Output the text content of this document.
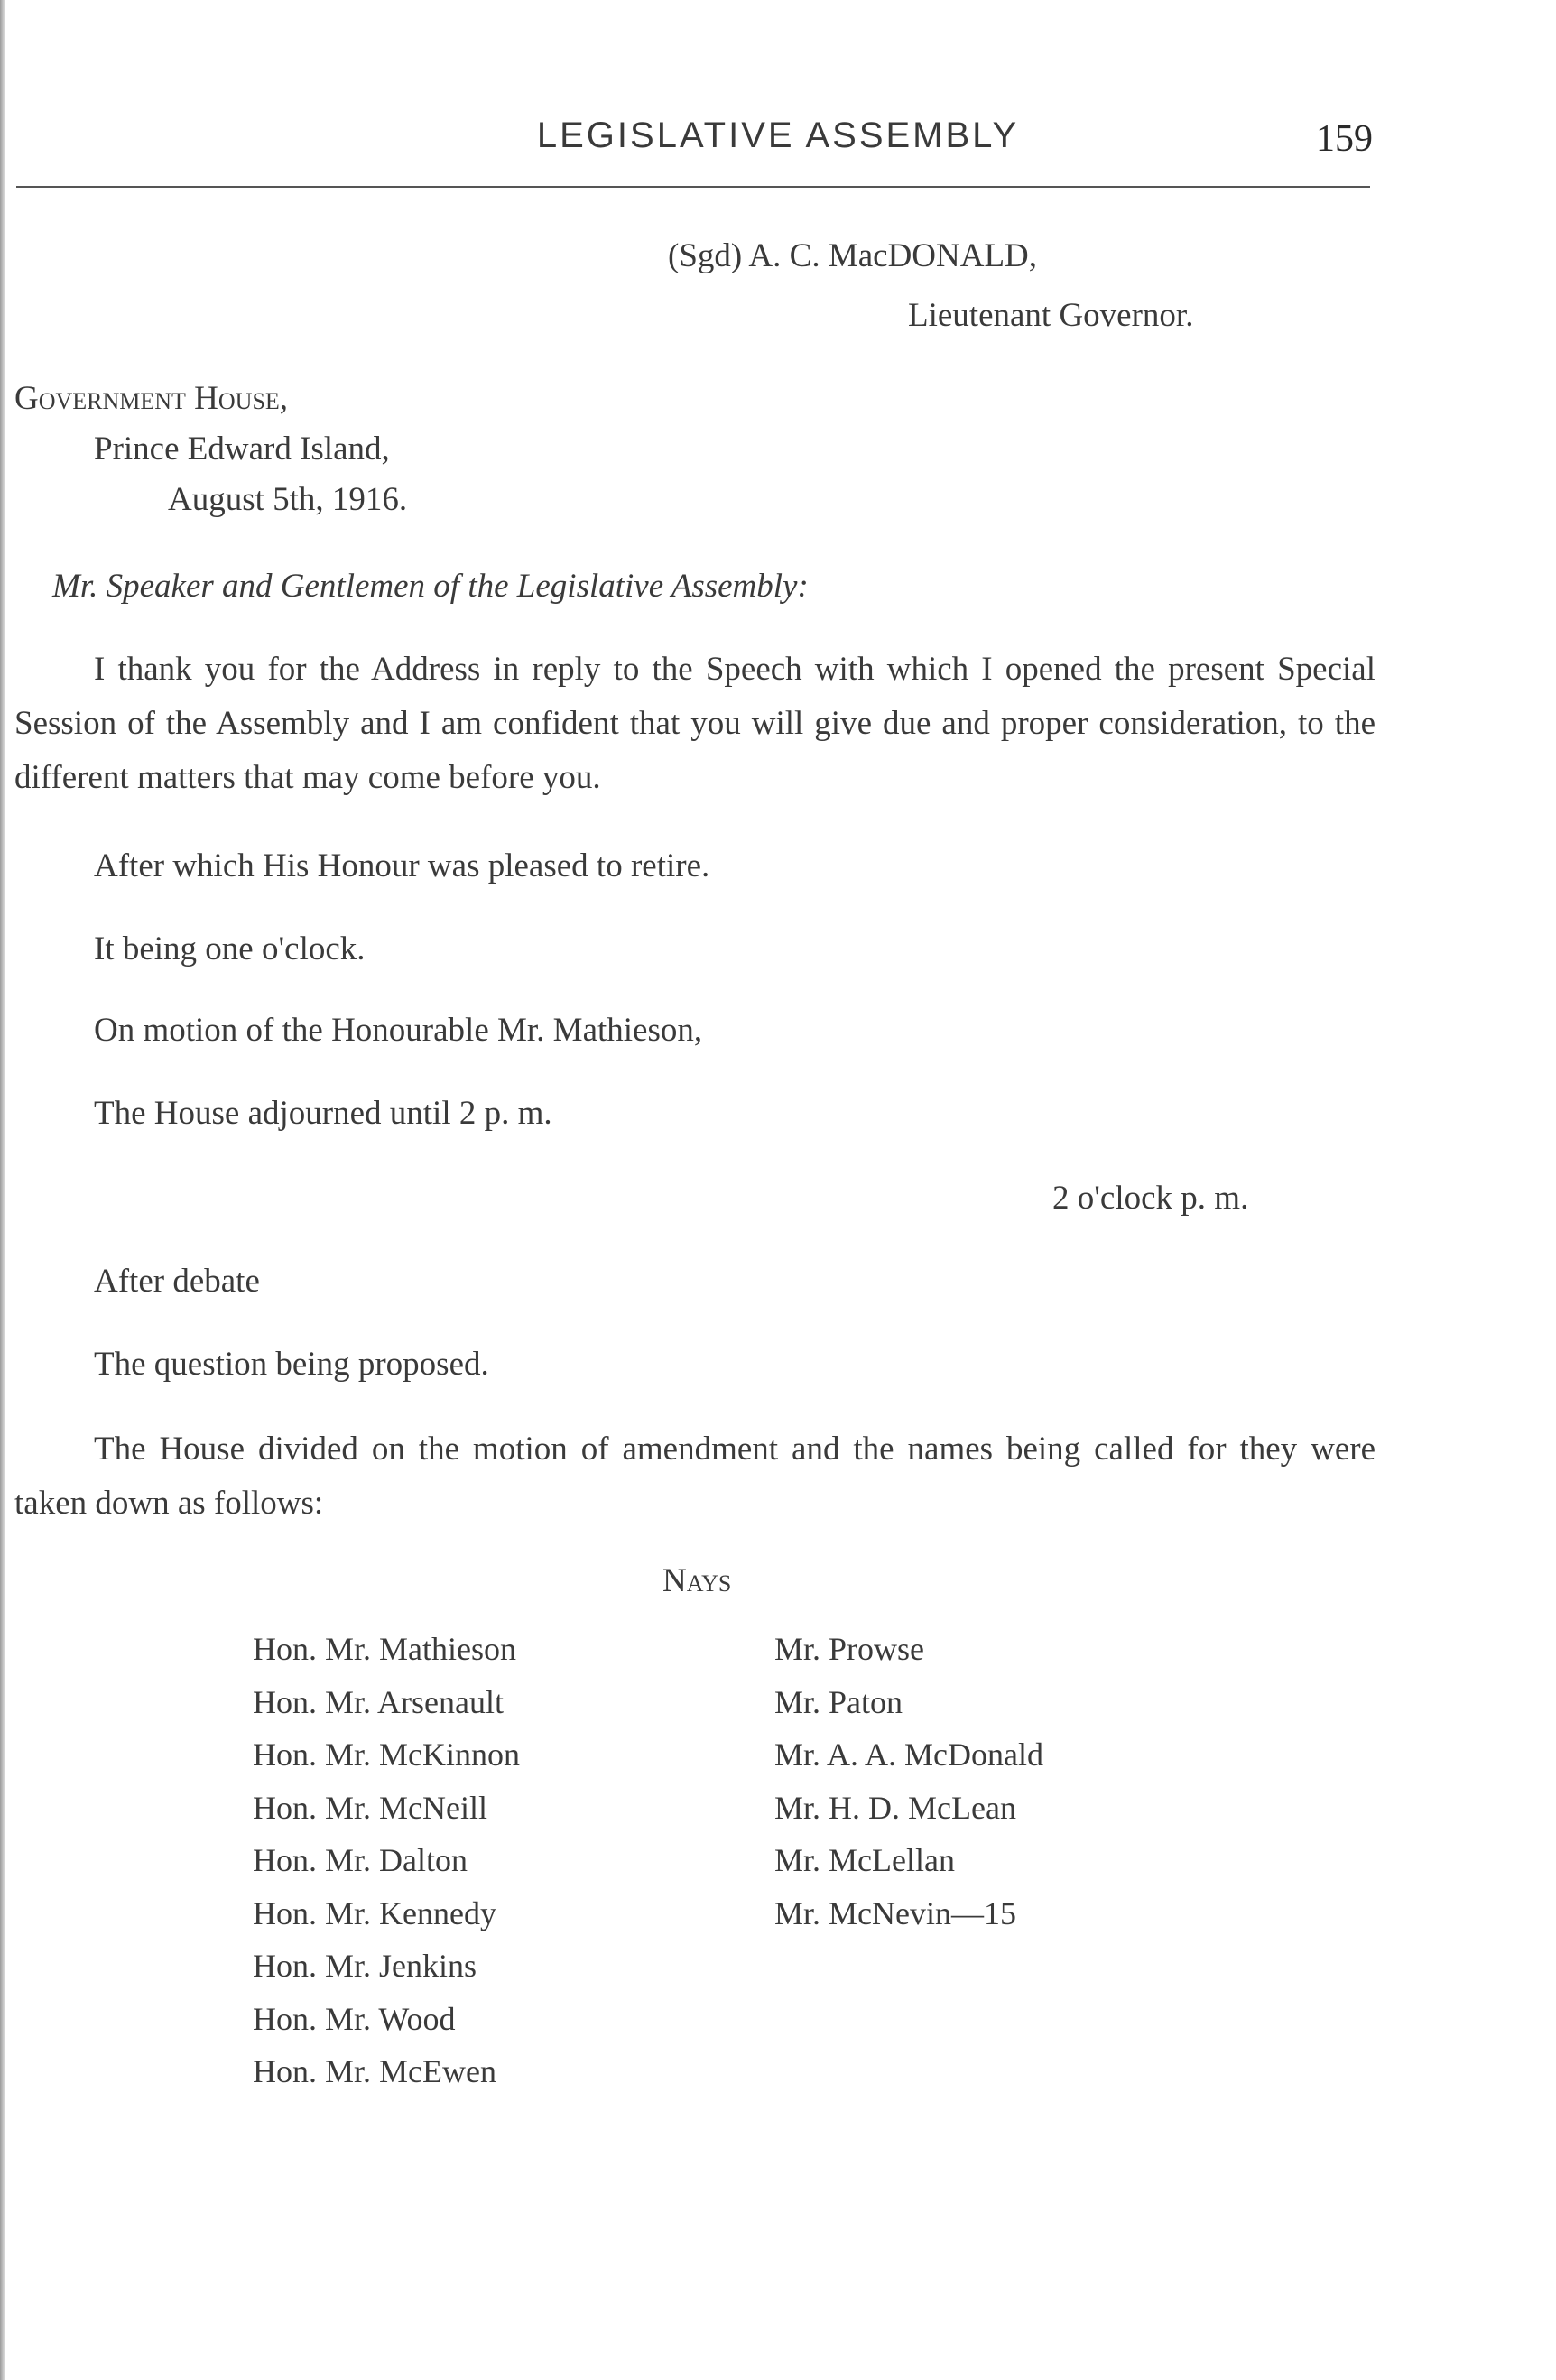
LEGISLATIVE ASSEMBLY	159
(Sgd) A. C. MacDONALD,
Lieutenant Governor.
Government House,
Prince Edward Island,
August 5th, 1916.
Mr. Speaker and Gentlemen of the Legislative Assembly:
I thank you for the Address in reply to the Speech with which I opened the present Special Session of the Assembly and I am confident that you will give due and proper consideration, to the different matters that may come before you.
After which His Honour was pleased to retire.
It being one o'clock.
On motion of the Honourable Mr. Mathieson,
The House adjourned until 2 p. m.
2 o'clock p. m.
After debate
The question being proposed.
The House divided on the motion of amendment and the names being called for they were taken down as follows:
Nays
Hon. Mr. Mathieson
Hon. Mr. Arsenault
Hon. Mr. McKinnon
Hon. Mr. McNeill
Hon. Mr. Dalton
Hon. Mr. Kennedy
Hon. Mr. Jenkins
Hon. Mr. Wood
Hon. Mr. McEwen
Mr. Prowse
Mr. Paton
Mr. A. A. McDonald
Mr. H. D. McLean
Mr. McLellan
Mr. McNevin—15
